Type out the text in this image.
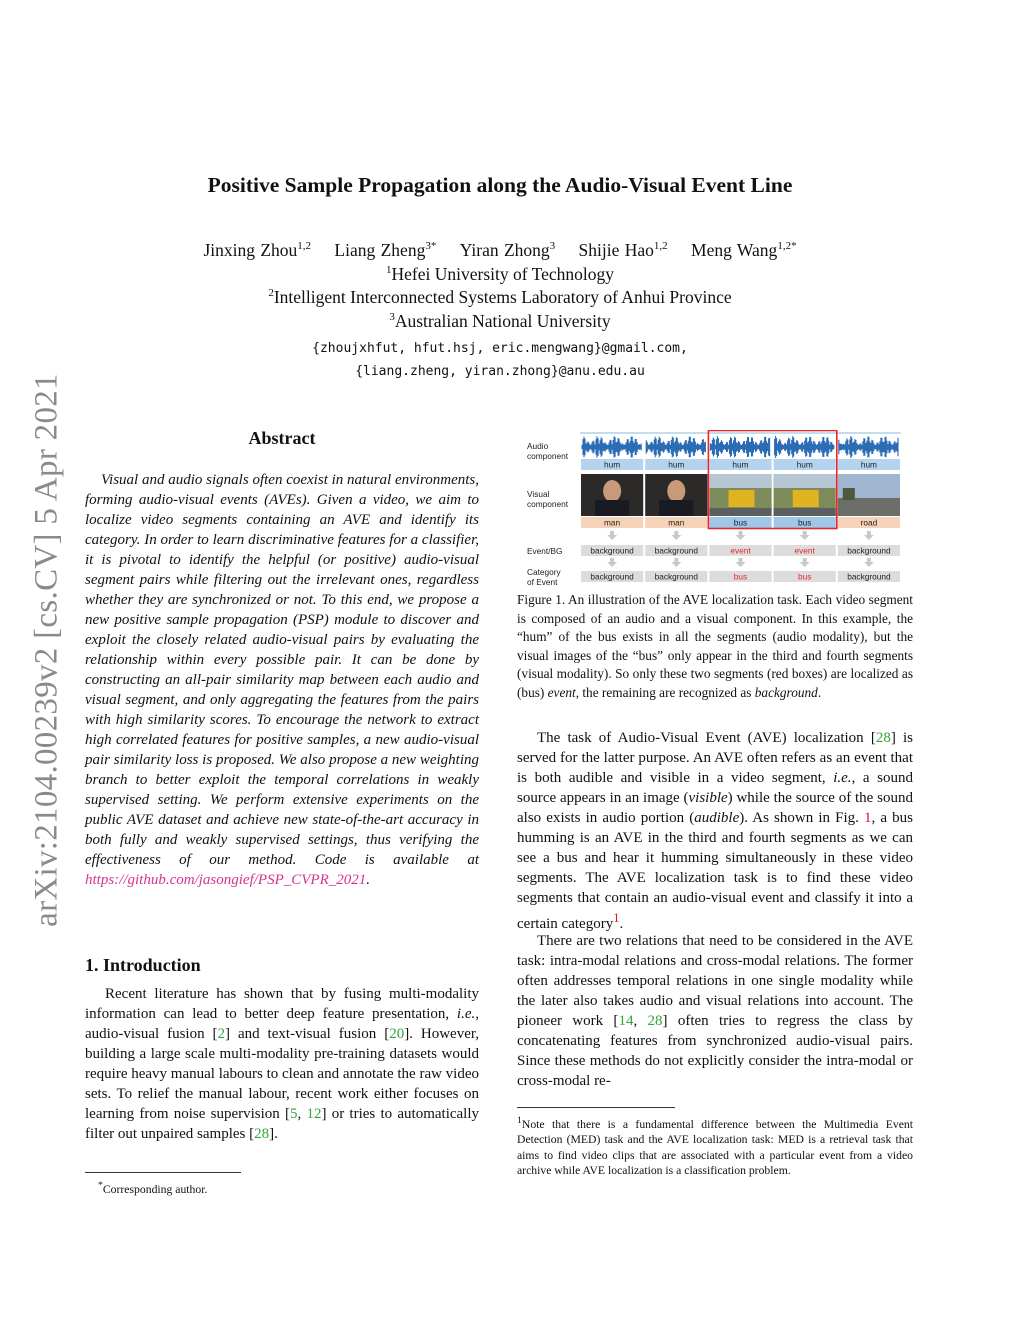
arXiv:2104.00239v2 [cs.CV] 5 Apr 2021
Positive Sample Propagation along the Audio-Visual Event Line
Jinxing Zhou$^{1,2}$ Liang Zheng$^{3*}$ Yiran Zhong$^3$ Shijie Hao$^{1,2}$ Meng Wang$^{1,2*}$
$^1$Hefei University of Technology
$^2$Intelligent Interconnected Systems Laboratory of Anhui Province
$^3$Australian National University
{zhoujxhfut, hfut.hsj, eric.mengwang}@gmail.com,
{liang.zheng, yiran.zhong}@anu.edu.au
Abstract
Visual and audio signals often coexist in natural environments, forming audio-visual events (AVEs). Given a video, we aim to localize video segments containing an AVE and identify its category. In order to learn discriminative features for a classifier, it is pivotal to identify the helpful (or positive) audio-visual segment pairs while filtering out the irrelevant ones, regardless whether they are synchronized or not. To this end, we propose a new positive sample propagation (PSP) module to discover and exploit the closely related audio-visual pairs by evaluating the relationship within every possible pair. It can be done by constructing an all-pair similarity map between each audio and visual segment, and only aggregating the features from the pairs with high similarity scores. To encourage the network to extract high correlated features for positive samples, a new audio-visual pair similarity loss is proposed. We also propose a new weighting branch to better exploit the temporal correlations in weakly supervised setting. We perform extensive experiments on the public AVE dataset and achieve new state-of-the-art accuracy in both fully and weakly supervised settings, thus verifying the effectiveness of our method. Code is available at https://github.com/jasongief/PSP_CVPR_2021.
1. Introduction
Recent literature has shown that by fusing multi-modality information can lead to better deep feature presentation, i.e., audio-visual fusion [2] and text-visual fusion [20]. However, building a large scale multi-modality pre-training datasets would require heavy manual labours to clean and annotate the raw video sets. To relief the manual labour, recent work either focuses on learning from noise supervision [5, 12] or tries to automatically filter out unpaired samples [28].
*Corresponding author.
Audio component
Visual component
Event/BG
Category of Event
hum
man
background
background
hum
man
background
background
hum
bus
event
bus
hum
bus
event
bus
hum
road
background
background
Figure 1. An illustration of the AVE localization task. Each video segment is composed of an audio and a visual component. In this example, the “hum” of the bus exists in all the segments (audio modality), but the visual images of the “bus” only appear in the third and fourth segments (visual modality). So only these two segments (red boxes) are localized as (bus) event, the remaining are recognized as background.
The task of Audio-Visual Event (AVE) localization [28] is served for the latter purpose. An AVE often refers as an event that is both audible and visible in a video segment, i.e., a sound source appears in an image (visible) while the source of the sound also exists in audio portion (audible). As shown in Fig. 1, a bus humming is an AVE in the third and fourth segments as we can see a bus and hear it humming simultaneously in these video segments. The AVE localization task is to find these video segments that contain an audio-visual event and classify it into a certain category$^1$.
There are two relations that need to be considered in the AVE task: intra-modal relations and cross-modal relations. The former often addresses temporal relations in one single modality while the later also takes audio and visual relations into account. The pioneer work [14, 28] often tries to regress the class by concatenating features from synchronized audio-visual pairs. Since these methods do not explicitly consider the intra-modal or cross-modal re-
$^1$Note that there is a fundamental difference between the Multimedia Event Detection (MED) task and the AVE localization task: MED is a retrieval task that aims to find video clips that are associated with a particular event from a video archive while AVE localization is a classification problem.
